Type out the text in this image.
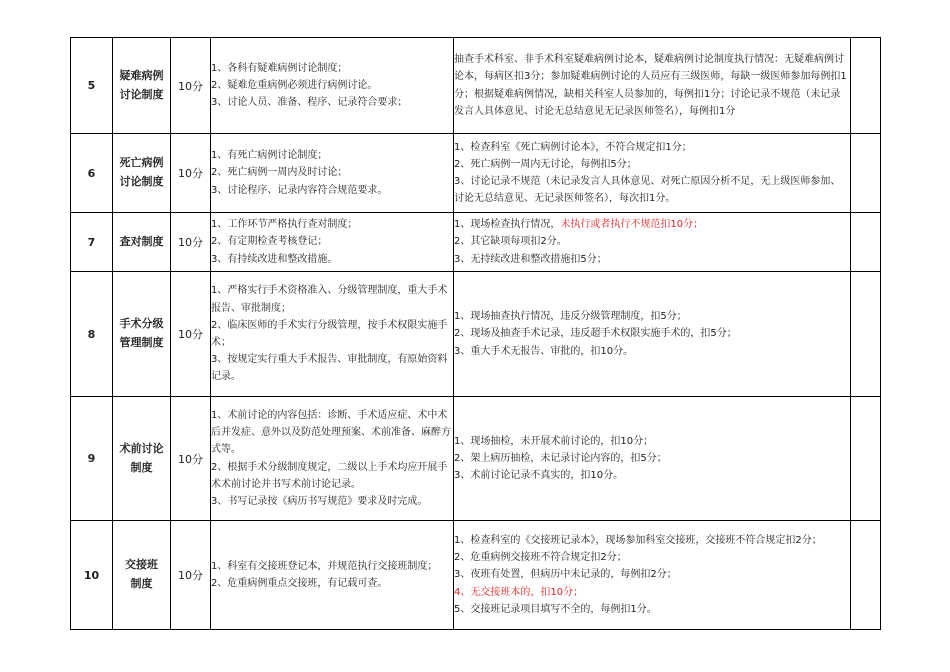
5	疑难病例
讨论制度	10分	1、各科有疑难病例讨论制度；
2、疑难危重病例必须进行病例讨论。
3、讨论人员、准备、程序、记录符合要求；	抽查手术科室、非手术科室疑难病例讨论本，疑难病例讨论制度执行情况：无疑难病例讨论本，每病区扣3分；参加疑难病例讨论的人员应有三级医师，每缺一级医师参加每例扣1分；根据疑难病例情况，缺相关科室人员参加的，每例扣1分；讨论记录不规范（未记录发言人具体意见、讨论无总结意见无记录医师签名），每例扣1分	

6	死亡病例
讨论制度	10分	1、有死亡病例讨论制度；
2、死亡病例一周内及时讨论；
3、讨论程序、记录内容符合规范要求。	1、检查科室《死亡病例讨论本》，不符合规定扣1分；
2、死亡病例一周内无讨论，每例扣5分；
3、讨论记录不规范（未记录发言人具体意见、对死亡原因分析不足，无上级医师参加、讨论无总结意见、无记录医师签名），每次扣1分。	

7	查对制度	10分	1、工作环节严格执行查对制度；
2、有定期检查考核登记；
3、有持续改进和整改措施。	1、现场检查执行情况，未执行或者执行不规范扣10分；
2、其它缺项每项扣2分。
3、无持续改进和整改措施扣5分；	

8	手术分级
管理制度	10分	1、严格实行手术资格准入、分级管理制度，重大手术报告、审批制度；
2、临床医师的手术实行分级管理，按手术权限实施手术；
3、按规定实行重大手术报告、审批制度，有原始资料记录。	1、现场抽查执行情况，违反分级管理制度，扣5分；
2、现场及抽查手术记录，违反超手术权限实施手术的，扣5分；
3、重大手术无报告、审批的，扣10分。	

9	术前讨论
制度	10分	1、术前讨论的内容包括：诊断、手术适应症、术中术后并发症、意外以及防范处理预案、术前准备、麻醉方式等。
2、根据手术分级制度规定，二级以上手术均应开展手术术前讨论并书写术前讨论记录。
3、书写记录按《病历书写规范》要求及时完成。	1、现场抽检，未开展术前讨论的，扣10分；
2、架上病历抽检，未记录讨论内容的，扣5分；
3、术前讨论记录不真实的，扣10分。	

10	交接班
制度	10分	1、科室有交接班登记本，并规范执行交接班制度；
2、危重病例重点交接班，有记载可查。	1、检查科室的《交接班记录本》，现场参加科室交接班，交接班不符合规定扣2分；
2、危重病例交接班不符合规定扣2分；
3、夜班有处置，但病历中未记录的，每例扣2分；
4、无交接班本的，扣10分；
5、交接班记录项目填写不全的，每例扣1分。	
